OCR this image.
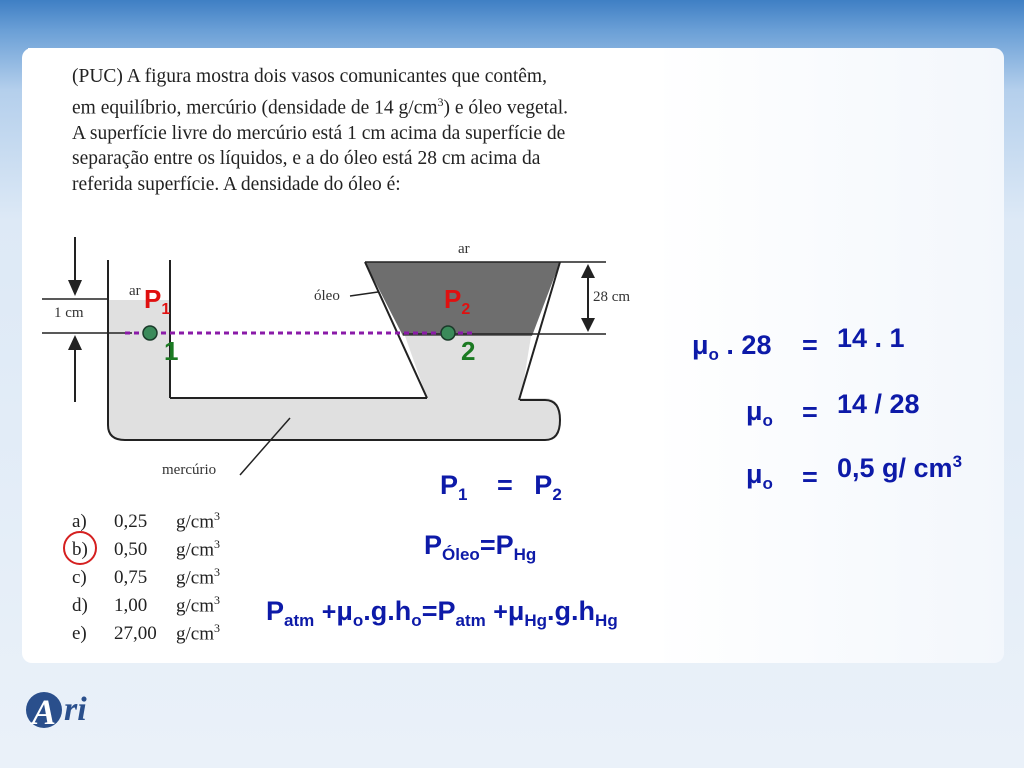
(PUC) A figura mostra dois vasos comunicantes que contêm,

em equilíbrio, mercúrio (densidade de 14 $g/cm^3$) e óleo vegetal.

A superfície livre do mercúrio está 1 cm acima da superfície de

separação entre os líquidos, e a do óleo está 28 cm acima da

referida superfície. A densidade do óleo é:

ar
ar	óleo
mercúrio
1 cm
28 cm
$P_1$	$P_2$
1	2
a) 0,25 $g/cm^3$
b) 0,50 $g/cm^3$
c) 0,75 $g/cm^3$
d) 1,00 $g/cm^3$
e) 27,00 $g/cm^3$
$P_1 = P_2$
$P_{Óleo}=P_{Hg}$
$P_{atm} +\mu_o.g.h_o=P_{atm} +\mu_{Hg}.g.h_{Hg}$
$\mu_o$ . 28 = 14 . 1
$\mu_o = 14 / 28$
$\mu_o = 0,5$ g/ $cm^3$
A ri
